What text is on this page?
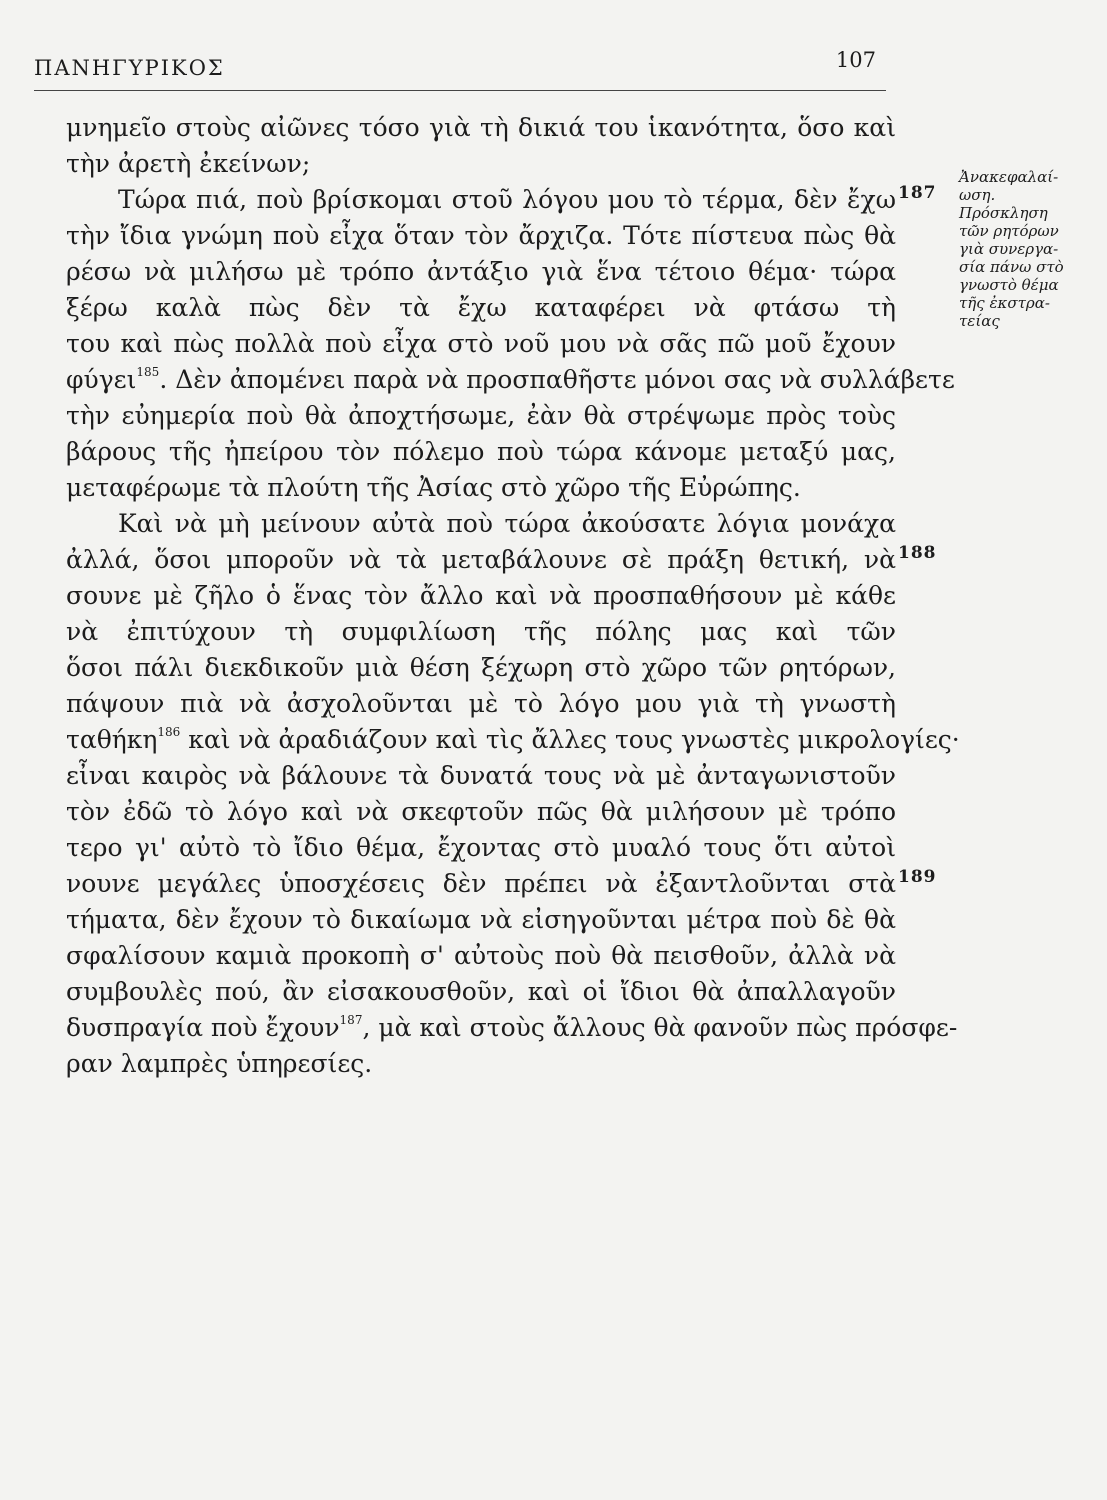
ΠΑΝΗΓΥΡΙΚΟΣ	107
μνημεῖο στοὺς αἰῶνες τόσο γιὰ τὴ δικιά του ἱκανότητα, ὅσο καὶ
τὴν ἀρετὴ ἐκείνων;
Τώρα πιά, ποὺ βρίσκομαι στοῦ λόγου μου τὸ τέρμα, δὲν ἔχω
τὴν ἴδια γνώμη ποὺ εἶχα ὅταν τὸν ἄρχιζα. Τότε πίστευα πὼς θὰ
ρέσω νὰ μιλήσω μὲ τρόπο ἀντάξιο γιὰ ἕνα τέτοιο θέμα· τώρα
ξέρω καλὰ πὼς δὲν τὰ ἔχω καταφέρει νὰ φτάσω τὴ
του καὶ πὼς πολλὰ ποὺ εἶχα στὸ νοῦ μου νὰ σᾶς πῶ μοῦ ἔχουν
φύγει$^{185}$. Δὲν ἀπομένει παρὰ νὰ προσπαθῆστε μόνοι σας νὰ συλλάβετε
τὴν εὐημερία ποὺ θὰ ἀποχτήσωμε, ἐὰν θὰ στρέψωμε πρὸς τοὺς
βάρους τῆς ἠπείρου τὸν πόλεμο ποὺ τώρα κάνομε μεταξύ μας,
μεταφέρωμε τὰ πλούτη τῆς Ἀσίας στὸ χῶρο τῆς Εὐρώπης.
Καὶ νὰ μὴ μείνουν αὐτὰ ποὺ τώρα ἀκούσατε λόγια μονάχα
ἀλλά, ὅσοι μποροῦν νὰ τὰ μεταβάλουνε σὲ πράξη θετική, νὰ
σουνε μὲ ζῆλο ὁ ἕνας τὸν ἄλλο καὶ νὰ προσπαθήσουν μὲ κάθε
νὰ ἐπιτύχουν τὴ συμφιλίωση τῆς πόλης μας καὶ τῶν
ὅσοι πάλι διεκδικοῦν μιὰ θέση ξέχωρη στὸ χῶρο τῶν ρητόρων,
πάψουν πιὰ νὰ ἀσχολοῦνται μὲ τὸ λόγο μου γιὰ τὴ γνωστὴ
ταθήκη$^{186}$ καὶ νὰ ἀραδιάζουν καὶ τὶς ἄλλες τους γνωστὲς μικρολογίες·
εἶναι καιρὸς νὰ βάλουνε τὰ δυνατά τους νὰ μὲ ἀνταγωνιστοῦν
τὸν ἐδῶ τὸ λόγο καὶ νὰ σκεφτοῦν πῶς θὰ μιλήσουν μὲ τρόπο
τερο γι' αὐτὸ τὸ ἴδιο θέμα, ἔχοντας στὸ μυαλό τους ὅτι αὐτοὶ
νουνε μεγάλες ὑποσχέσεις δὲν πρέπει νὰ ἐξαντλοῦνται στὰ
τήματα, δὲν ἔχουν τὸ δικαίωμα νὰ εἰσηγοῦνται μέτρα ποὺ δὲ θὰ
σφαλίσουν καμιὰ προκοπὴ σ' αὐτοὺς ποὺ θὰ πεισθοῦν, ἀλλὰ νὰ
συμβουλὲς πού, ἂν εἰσακουσθοῦν, καὶ οἱ ἴδιοι θὰ ἀπαλλαγοῦν
δυσπραγία ποὺ ἔχουν$^{187}$, μὰ καὶ στοὺς ἄλλους θὰ φανοῦν πὼς πρόσφε-
ραν λαμπρὲς ὑπηρεσίες.
187
188
189
Ἀνακεφαλαί-
ωση.
Πρόσκληση
τῶν ρητόρων
γιὰ συνεργα-
σία πάνω στὸ
γνωστὸ θέμα
τῆς ἐκστρα-
τείας
